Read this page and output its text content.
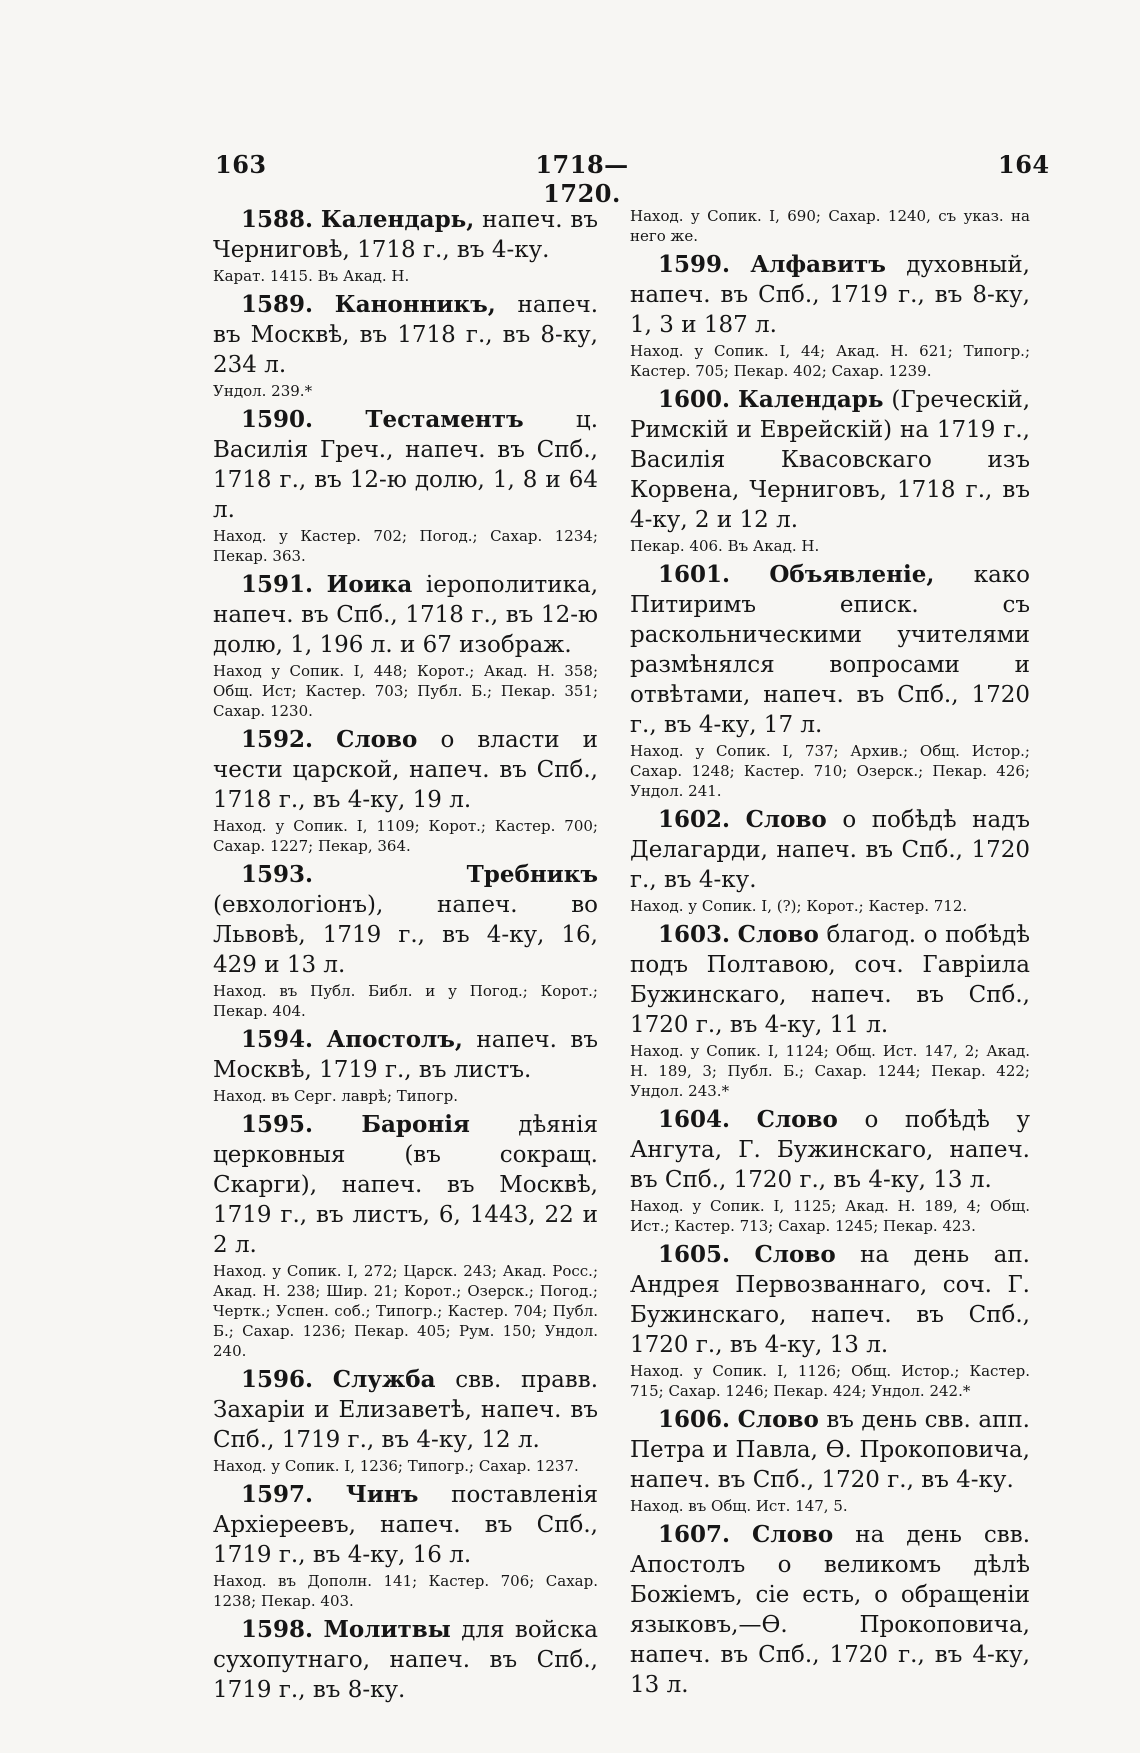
163	1718—1720.
164
1588. Календарь, напеч. въ Черниговѣ, 1718 г., въ 4-ку.
Карат. 1415. Въ Акад. Н.
1589. Канонникъ, напеч. въ Москвѣ, въ 1718 г., въ 8-ку, 234 л.
Ундол. 239.*
1590. Тестаментъ ц. Василія Греч., напеч. въ Спб., 1718 г., въ 12-ю долю, 1, 8 и 64 л.
Наход. у Кастер. 702; Погод.; Сахар. 1234; Пекар. 363.
1591. Иоика іерополитика, напеч. въ Спб., 1718 г., въ 12-ю долю, 1, 196 л. и 67 изображ.
Наход у Сопик. I, 448; Корот.; Акад. Н. 358; Общ. Ист; Кастер. 703; Публ. Б.; Пекар. 351; Сахар. 1230.
1592. Слово о власти и чести царской, напеч. въ Спб., 1718 г., въ 4-ку, 19 л.
Наход. у Сопик. I, 1109; Корот.; Кастер. 700; Сахар. 1227; Пекар, 364.
1593.	Требникъ (евхологіонъ), напеч. во Львовѣ, 1719 г., въ 4-ку, 16, 429 и 13 л.
Наход. въ Публ. Библ. и у Погод.; Корот.; Пекар. 404.
1594. Апостолъ, напеч. въ Москвѣ, 1719 г., въ листъ.
Наход. въ Серг. лаврѣ; Типогр.
1595. Баронія дѣянія церковныя (въ сокращ. Скарги), напеч. въ Москвѣ, 1719 г., въ листъ, 6, 1443, 22 и 2 л.
Наход. у Сопик. I, 272; Царск. 243; Акад. Росс.; Акад. Н. 238; Шир. 21; Корот.; Озерск.; Погод.; Чертк.; Успен. соб.; Типогр.; Кастер. 704; Публ. Б.; Сахар. 1236; Пекар. 405; Рум. 150; Ундол. 240.
1596. Служба свв. правв. Захаріи и Елизаветѣ, напеч. въ Спб., 1719 г., въ 4-ку, 12 л.
Наход. у Сопик. I, 1236; Типогр.; Сахар. 1237.
1597. Чинъ поставленія Архіереевъ, напеч. въ Спб., 1719 г., въ 4-ку, 16 л.
Наход. въ Дополн. 141; Кастер. 706; Сахар. 1238; Пекар. 403.
1598. Молитвы для войска сухопутнаго, напеч. въ Спб., 1719 г., въ 8-ку.
Наход. у Сопик. I, 690; Сахар. 1240, съ указ. на него же.
1599. Алфавитъ духовный, напеч. въ Спб., 1719 г., въ 8-ку, 1, 3 и 187 л.
Наход. у Сопик. I, 44; Акад. Н. 621; Типогр.; Кастер. 705; Пекар. 402; Сахар. 1239.
1600. Календарь (Греческій, Римскій и Еврейскій) на 1719 г., Василія Квасовскаго изъ Корвена, Черниговъ, 1718 г., въ 4-ку, 2 и 12 л.
Пекар. 406. Въ Акад. Н.
1601. Объявленіе, како Питиримъ еписк. съ раскольническими учителями размѣнялся вопросами и отвѣтами, напеч. въ Спб., 1720 г., въ 4-ку, 17 л.
Наход. у Сопик. I, 737; Архив.; Общ. Истор.; Сахар. 1248; Кастер. 710; Озерск.; Пекар. 426; Ундол. 241.
1602. Слово о побѣдѣ надъ Делагарди, напеч. въ Спб., 1720 г., въ 4-ку.
Наход. у Сопик. I, (?); Корот.; Кастер. 712.
1603. Слово благод. о побѣдѣ подъ Полтавою, соч. Гавріила Бужинскаго, напеч. въ Спб., 1720 г., въ 4-ку, 11 л.
Наход. у Сопик. I, 1124; Общ. Ист. 147, 2; Акад. Н. 189, 3; Публ. Б.; Сахар. 1244; Пекар. 422; Ундол. 243.*
1604. Слово о побѣдѣ у Ангута, Г. Бужинскаго, напеч. въ Спб., 1720 г., въ 4-ку, 13 л.
Наход. у Сопик. I, 1125; Акад. Н. 189, 4; Общ. Ист.; Кастер. 713; Сахар. 1245; Пекар. 423.
1605. Слово на день ап. Андрея Первозваннаго, соч. Г. Бужинскаго, напеч. въ Спб., 1720 г., въ 4-ку, 13 л.
Наход. у Сопик. I, 1126; Общ. Истор.; Кастер. 715; Сахар. 1246; Пекар. 424; Ундол. 242.*
1606. Слово въ день свв. апп. Петра и Павла, Ѳ. Прокоповича, напеч. въ Спб., 1720 г., въ 4-ку.
Наход. въ Общ. Ист. 147, 5.
1607. Слово на день свв. Апостолъ о великомъ дѣлѣ Божіемъ, сіе есть, о обращеніи языковъ,—Ѳ. Прокоповича, напеч. въ Спб., 1720 г., въ 4-ку, 13 л.
